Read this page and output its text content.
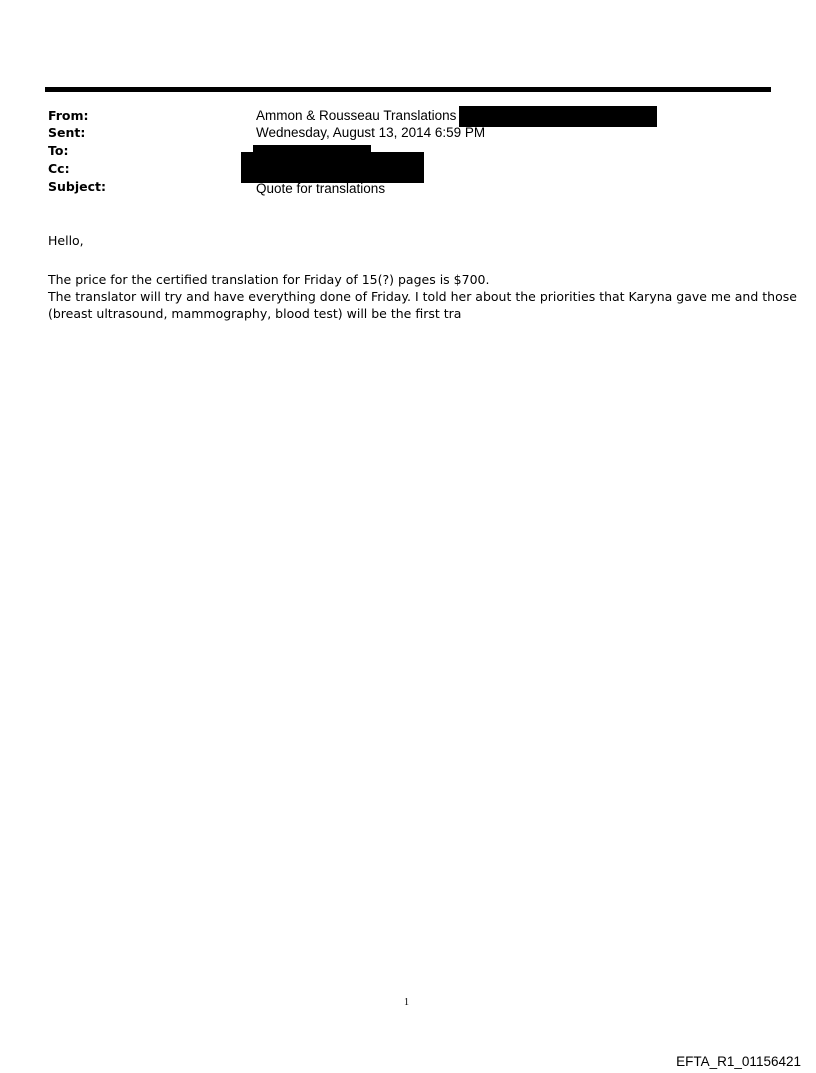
From:	Ammon & Rousseau Translations
Sent:	Wednesday, August 13, 2014 6:59 PM
To:
Cc:
Subject:	Quote for translations
Hello,
The price for the certified translation for Friday of 15(?) pages is $700.
The translator will try and have everything done of Friday. I told her about the priorities that Karyna gave me and those
(breast ultrasound, mammography, blood test) will be the first tra
1
EFTA_R1_01156421
